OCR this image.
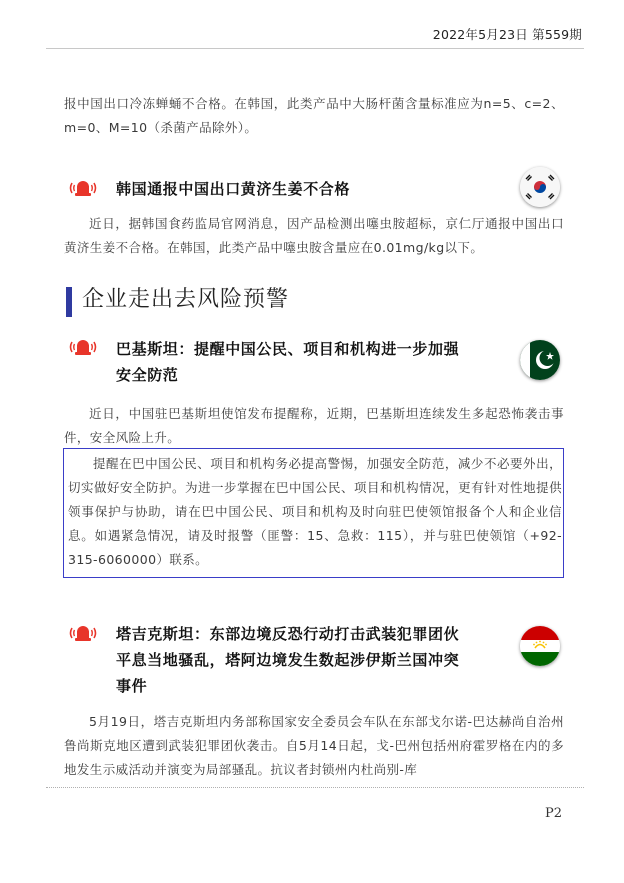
2022年5月23日 第559期
报中国出口冷冻蝉蛹不合格。在韩国，此类产品中大肠杆菌含量标准应为n=5、c=2、m=0、M=10（杀菌产品除外）。
韩国通报中国出口黄济生姜不合格
近日，据韩国食药监局官网消息，因产品检测出噻虫胺超标，京仁厅通报中国出口黄济生姜不合格。在韩国，此类产品中噻虫胺含量应在0.01mg/kg以下。
企业走出去风险预警
巴基斯坦：提醒中国公民、项目和机构进一步加强
安全防范
近日，中国驻巴基斯坦使馆发布提醒称，近期，巴基斯坦连续发生多起恐怖袭击事件，安全风险上升。
提醒在巴中国公民、项目和机构务必提高警惕，加强安全防范，减少不必要外出，切实做好安全防护。为进一步掌握在巴中国公民、项目和机构情况，更有针对性地提供领事保护与协助，请在巴中国公民、项目和机构及时向驻巴使领馆报备个人和企业信息。如遇紧急情况，请及时报警（匪警：15、急救：115），并与驻巴使领馆（+92-315-6060000）联系。
塔吉克斯坦：东部边境反恐行动打击武装犯罪团伙
平息当地骚乱，塔阿边境发生数起涉伊斯兰国冲突
事件
5月19日，塔吉克斯坦内务部称国家安全委员会车队在东部戈尔诺-巴达赫尚自治州鲁尚斯克地区遭到武装犯罪团伙袭击。自5月14日起，戈-巴州包括州府霍罗格在内的多地发生示威活动并演变为局部骚乱。抗议者封锁州内杜尚别-库
P2
